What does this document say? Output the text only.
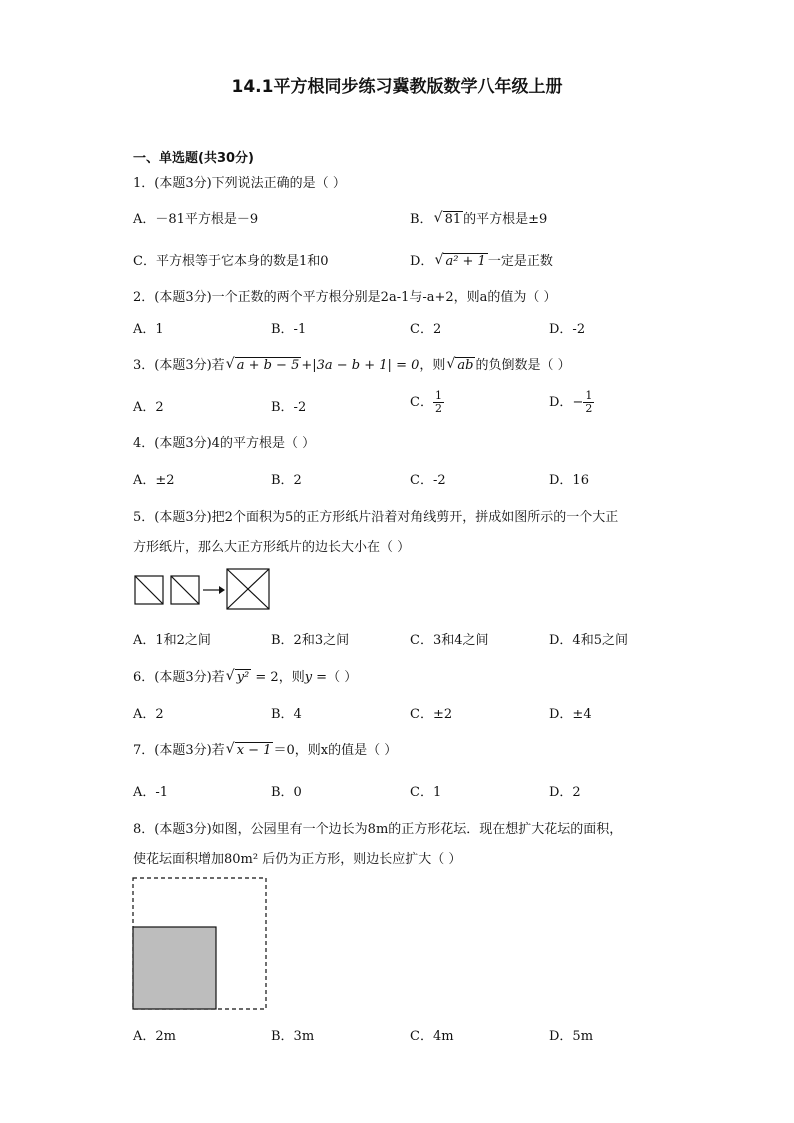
14.1平方根同步练习冀教版数学八年级上册
一、单选题(共30分)
1．(本题3分)下列说法正确的是（ ）
A．－81平方根是－9	B． √ 81 的平方根是±9
C．平方根等于它本身的数是1和0	D． √ a² + 1 一定是正数
2．(本题3分)一个正数的两个平方根分别是2a-1与-a+2，则a的值为（ ）
A．1	B．-1	C．2	D．-2
3．(本题3分)若 √ a + b − 5 +|3a − b + 1| = 0，则 √ ab 的负倒数是（ ）
A．2	B．-2	C． $\frac{1}{2}$	D．− $\frac{1}{2}$
4．(本题3分)4的平方根是（ ）
A．±2	B．2	C．-2	D．16
5．(本题3分)把2个面积为5的正方形纸片沿着对角线剪开，拼成如图所示的一个大正
方形纸片，那么大正方形纸片的边长大小在（ ）
A．1和2之间	B．2和3之间	C．3和4之间	D．4和5之间
6．(本题3分)若 √ y² = 2，则y =（ ）
A．2	B．4	C．±2	D．±4
7．(本题3分)若 √ x − 1 ＝0，则x的值是（ ）
A．-1	B．0	C．1	D．2
8．(本题3分)如图，公园里有一个边长为8m的正方形花坛．现在想扩大花坛的面积，
使花坛面积增加80m² 后仍为正方形，则边长应扩大（ ）
A．2m	B．3m	C．4m	D．5m
